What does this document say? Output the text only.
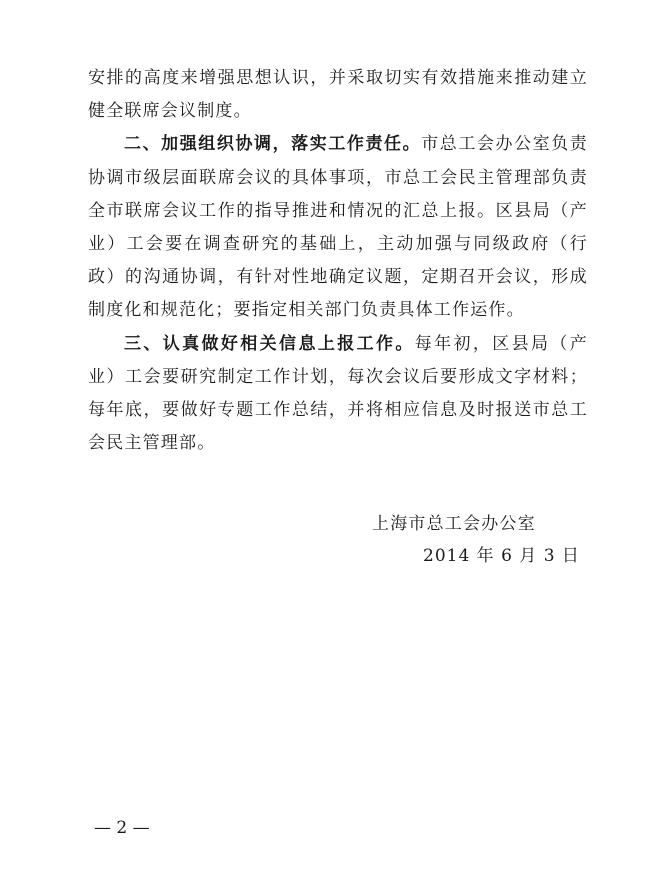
安排的高度来增强思想认识，并采取切实有效措施来推动建立健全联席会议制度。

二、加强组织协调，落实工作责任。市总工会办公室负责协调市级层面联席会议的具体事项，市总工会民主管理部负责全市联席会议工作的指导推进和情况的汇总上报。区县局（产业）工会要在调查研究的基础上，主动加强与同级政府（行政）的沟通协调，有针对性地确定议题，定期召开会议，形成制度化和规范化；要指定相关部门负责具体工作运作。

三、认真做好相关信息上报工作。每年初，区县局（产业）工会要研究制定工作计划，每次会议后要形成文字材料；每年底，要做好专题工作总结，并将相应信息及时报送市总工会民主管理部。

上海市总工会办公室
2014 年 6 月 3 日
— 2 —
